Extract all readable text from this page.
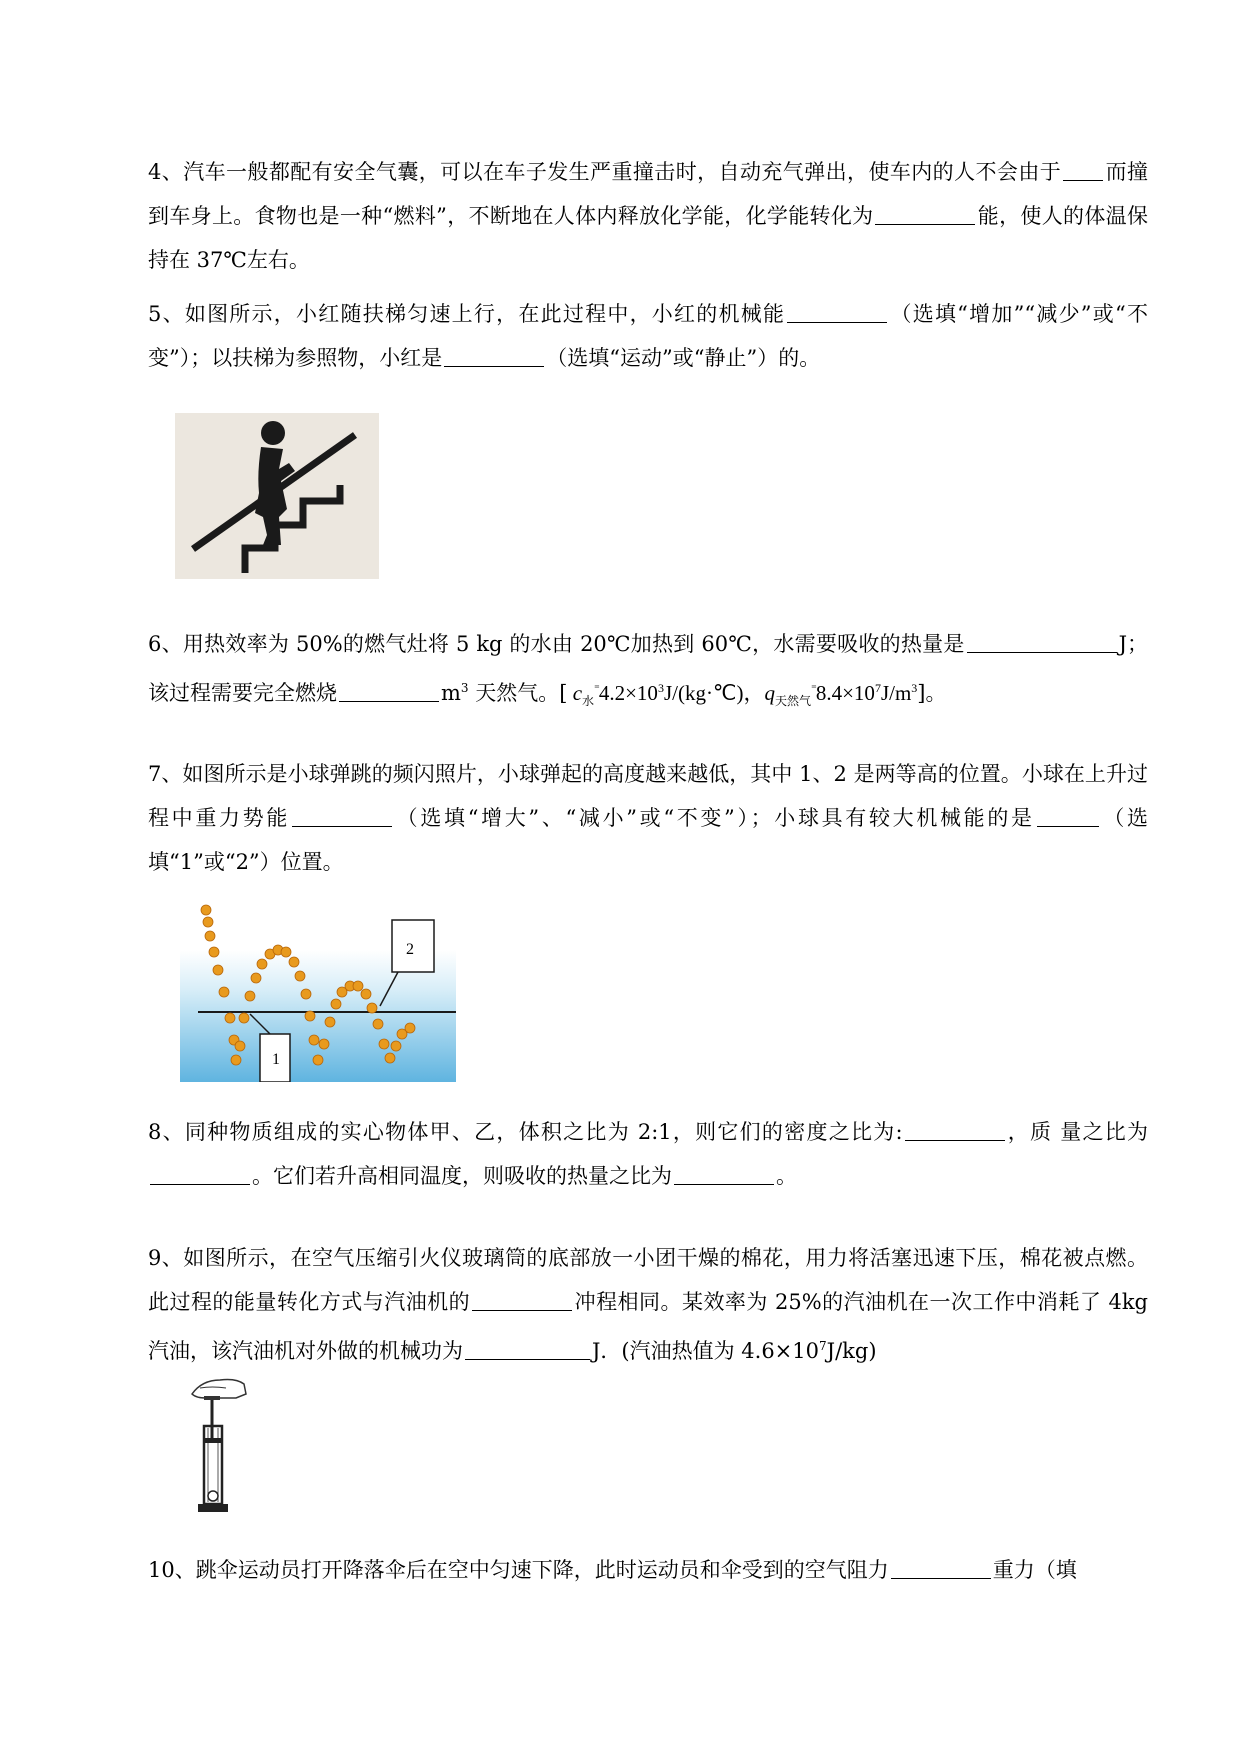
4、汽车一般都配有安全气囊，可以在车子发生严重撞击时，自动充气弹出，使车内的人不会由于 而撞到车身上。食物也是一种“燃料”，不断地在人体内释放化学能，化学能转化为	能，使人的体温保持在 37℃左右。
5、如图所示，小红随扶梯匀速上行，在此过程中，小红的机械能	（选填“增加”“减少”或“不变”）；以扶梯为参照物，小红是	（选填“运动”或“静止”）的。
6、用热效率为 50%的燃气灶将 5 kg 的水由 20℃加热到 60℃，水需要吸收的热量是	J；该过程需要完全燃烧	$m^3$ 天然气。[ $c_水^{^=}4.2\times 10^3J/(kg\cdot℃)$，$q_{天然气}^{^=}8.4\times 10^7J/m^3$]。
7、如图所示是小球弹跳的频闪照片，小球弹起的高度越来越低，其中 1、2 是两等高的位置。小球在上升过程中重力势能	（选填“增大”、“减小”或“不变”）；小球具有较大机械能的是	（选填“1”或“2”）位置。
1
2
8、同种物质组成的实心物体甲、乙，体积之比为 2:1，则它们的密度之比为:	，质 量之比为。它们若升高相同温度，则吸收的热量之比为	。
9、如图所示，在空气压缩引火仪玻璃筒的底部放一小团干燥的棉花，用力将活塞迅速下压，棉花被点燃。此过程的能量转化方式与汽油机的	冲程相同。某效率为 25%的汽油机在一次工作中消耗了 4kg 汽油，该汽油机对外做的机械功为	J．(汽油热值为 $4.6\times 10^7J/kg$)
10、跳伞运动员打开降落伞后在空中匀速下降，此时运动员和伞受到的空气阻力	重力（填
